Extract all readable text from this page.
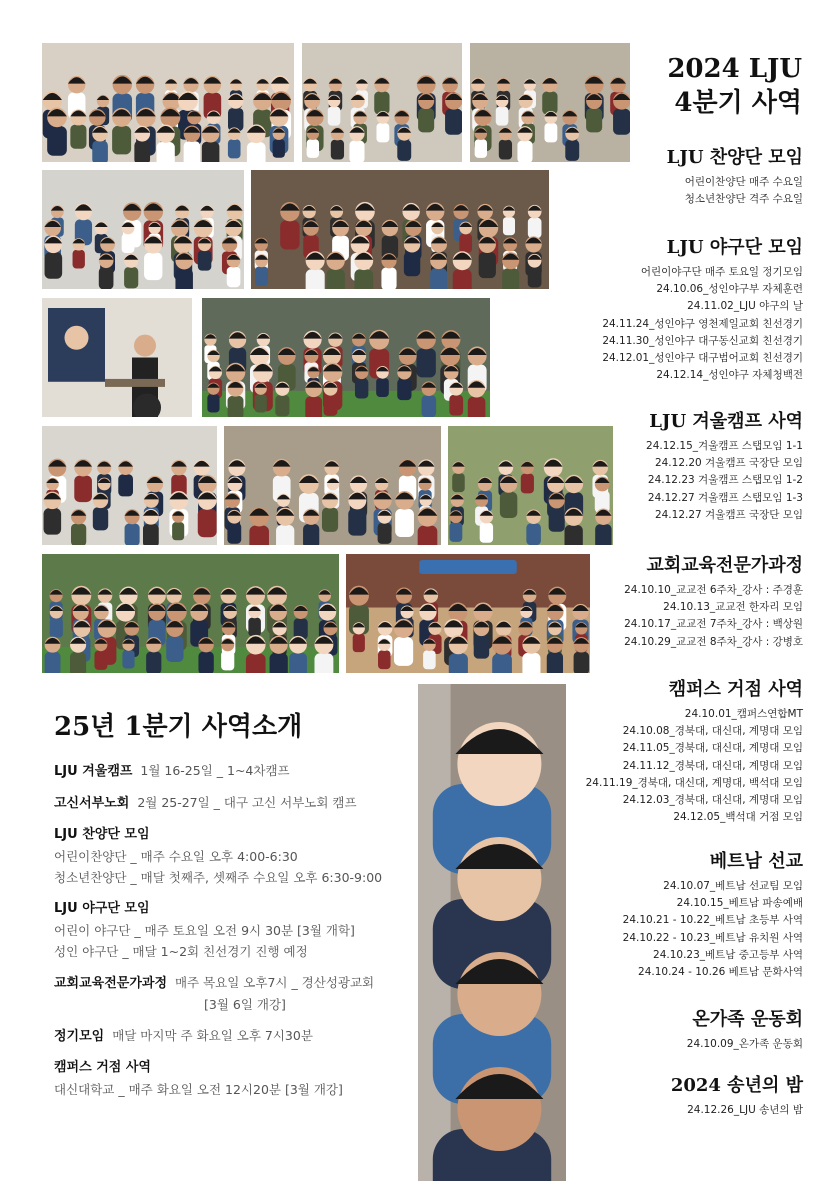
2024 LJU
4분기 사역
LJU 찬양단 모임
어린이찬양단 매주 수요일
청소년찬양단 격주 수요일
LJU 야구단 모임
어린이야구단 매주 토요일 정기모임
24.10.06_성인야구부 자체훈련
24.11.02_LJU 야구의 날
24.11.24_성인야구 영천제일교회 친선경기
24.11.30_성인야구 대구동신교회 친선경기
24.12.01_성인야구 대구범어교회 친선경기
24.12.14_성인야구 자체청백전
LJU 겨울캠프 사역
24.12.15_겨울캠프 스탭모임 1-1
24.12.20 겨울캠프 국장단 모임
24.12.23 겨울캠프 스탭모임 1-2
24.12.27 겨울캠프 스탭모임 1-3
24.12.27 겨울캠프 국장단 모임
교회교육전문가과정
24.10.10_교교전 6주차_강사 : 주경훈
24.10.13_교교전 한자리 모임
24.10.17_교교전 7주차_강사 : 백상원
24.10.29_교교전 8주차_강사 : 강병호
캠퍼스 거점 사역
24.10.01_캠퍼스연합MT
24.10.08_경북대, 대신대, 계명대 모임
24.11.05_경북대, 대신대, 계명대 모임
24.11.12_경북대, 대신대, 계명대 모임
24.11.19_경북대, 대신대, 계명대, 백석대 모임
24.12.03_경북대, 대신대, 계명대 모임
24.12.05_백석대 거점 모임
베트남 선교
24.10.07_베트남 선교팀 모임
24.10.15_베트남 파송예배
24.10.21 - 10.22_베트남 초등부 사역
24.10.22 - 10.23_베트남 유치원 사역
24.10.23_베트남 중고등부 사역
24.10.24 - 10.26 베트남 문화사역
온가족 운동회
24.10.09_온가족 운동회
2024 송년의 밤
24.12.26_LJU 송년의 밤
25년 1분기 사역소개
LJU 겨울캠프 1월 16-25일 _ 1~4차캠프
고신서부노회 2월 25-27일 _ 대구 고신 서부노회 캠프
LJU 찬양단 모임
어린이찬양단 _ 매주 수요일 오후 4:00-6:30
청소년찬양단 _ 매달 첫째주, 셋째주 수요일 오후 6:30-9:00
LJU 야구단 모임
어린이 야구단 _ 매주 토요일 오전 9시 30분 [3월 개학]
성인 야구단 _ 매달 1~2회 친선경기 진행 예정
교회교육전문가과정 매주 목요일 오후7시 _ 경산성광교회
[3월 6일 개강]
정기모임 매달 마지막 주 화요일 오후 7시30분
캠퍼스 거점 사역
대신대학교 _ 매주 화요일 오전 12시20분 [3월 개강]
